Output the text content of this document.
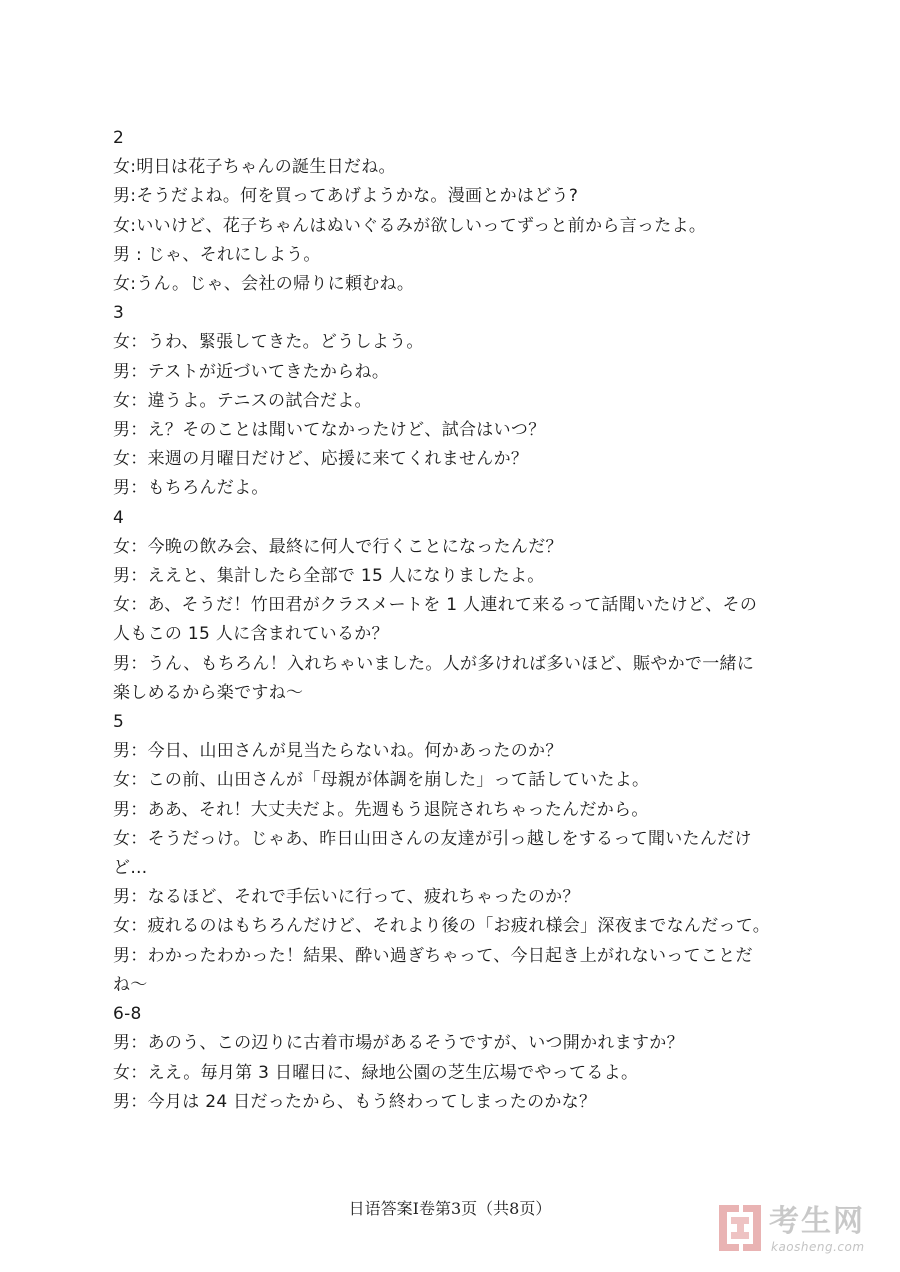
2
女:明日は花子ちゃんの誕生日だね。
男:そうだよね。何を買ってあげようかな。漫画とかはどう?
女:いいけど、花子ちゃんはぬいぐるみが欲しいってずっと前から言ったよ。
男 : じゃ、それにしよう。
女:うん。じゃ、会社の帰りに頼むね。
3
女：うわ、緊張してきた。どうしよう。
男：テストが近づいてきたからね。
女：違うよ。テニスの試合だよ。
男：え？そのことは聞いてなかったけど、試合はいつ？
女：来週の月曜日だけど、応援に来てくれませんか？
男：もちろんだよ。
4
女：今晩の飲み会、最終に何人で行くことになったんだ？
男：ええと、集計したら全部で 15 人になりましたよ。
女：あ、そうだ！竹田君がクラスメートを 1 人連れて来るって話聞いたけど、その
人もこの 15 人に含まれているか？
男：うん、もちろん！入れちゃいました。人が多ければ多いほど、賑やかで一緒に
楽しめるから楽ですね～
5
男：今日、山田さんが見当たらないね。何かあったのか？
女：この前、山田さんが「母親が体調を崩した」って話していたよ。
男：ああ、それ！大丈夫だよ。先週もう退院されちゃったんだから。
女：そうだっけ。じゃあ、昨日山田さんの友達が引っ越しをするって聞いたんだけ
ど…
男：なるほど、それで手伝いに行って、疲れちゃったのか？
女：疲れるのはもちろんだけど、それより後の「お疲れ様会」深夜までなんだって。
男：わかったわかった！結果、酔い過ぎちゃって、今日起き上がれないってことだ
ね～
6-8
男：あのう、この辺りに古着市場があるそうですが、いつ開かれますか？
女：ええ。毎月第 3 日曜日に、緑地公園の芝生広場でやってるよ。
男：今月は 24 日だったから、もう終わってしまったのかな？
日语答案Ⅰ卷第3页（共8页）	考生网
kaosheng.com
